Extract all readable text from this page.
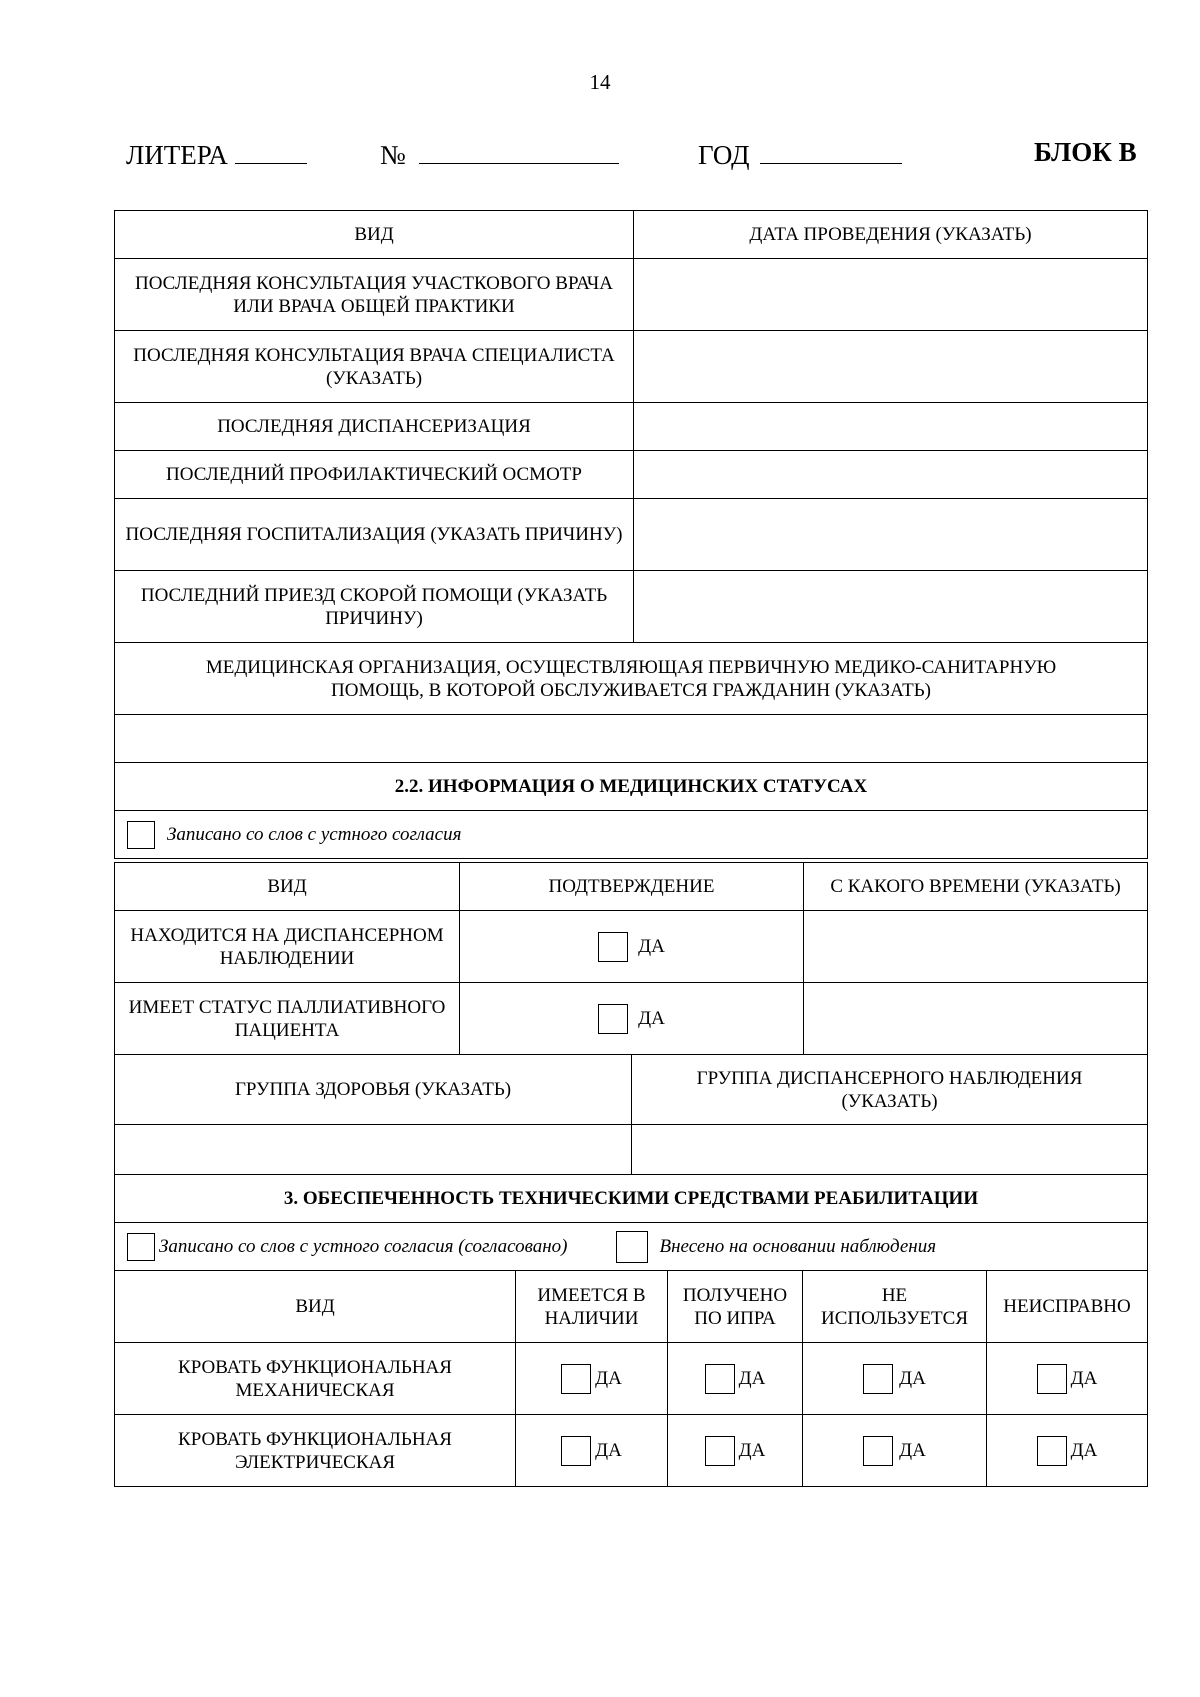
14
ЛИТЕРА	№	ГОД	БЛОК В
ВИД	ДАТА ПРОВЕДЕНИЯ (УКАЗАТЬ)
ПОСЛЕДНЯЯ КОНСУЛЬТАЦИЯ УЧАСТКОВОГО ВРАЧА ИЛИ ВРАЧА ОБЩЕЙ ПРАКТИКИ	
ПОСЛЕДНЯЯ КОНСУЛЬТАЦИЯ ВРАЧА СПЕЦИАЛИСТА (УКАЗАТЬ)	
ПОСЛЕДНЯЯ ДИСПАНСЕРИЗАЦИЯ	
ПОСЛЕДНИЙ ПРОФИЛАКТИЧЕСКИЙ ОСМОТР	
ПОСЛЕДНЯЯ ГОСПИТАЛИЗАЦИЯ (УКАЗАТЬ ПРИЧИНУ)	
ПОСЛЕДНИЙ ПРИЕЗД СКОРОЙ ПОМОЩИ (УКАЗАТЬ ПРИЧИНУ)	
МЕДИЦИНСКАЯ ОРГАНИЗАЦИЯ, ОСУЩЕСТВЛЯЮЩАЯ ПЕРВИЧНУЮ МЕДИКО-САНИТАРНУЮ ПОМОЩЬ, В КОТОРОЙ ОБСЛУЖИВАЕТСЯ ГРАЖДАНИН (УКАЗАТЬ)	

2.2. ИНФОРМАЦИЯ О МЕДИЦИНСКИХ СТАТУСАХ	
Записано со слов с устного согласия	
ВИД	ПОДТВЕРЖДЕНИЕ	С КАКОГО ВРЕМЕНИ (УКАЗАТЬ)
НАХОДИТСЯ НА ДИСПАНСЕРНОМ НАБЛЮДЕНИИ	ДА	
ИМЕЕТ СТАТУС ПАЛЛИАТИВНОГО ПАЦИЕНТА	ДА	
ГРУППА ЗДОРОВЬЯ (УКАЗАТЬ)	ГРУППА ДИСПАНСЕРНОГО НАБЛЮДЕНИЯ (УКАЗАТЬ)

3. ОБЕСПЕЧЕННОСТЬ ТЕХНИЧЕСКИМИ СРЕДСТВАМИ РЕАБИЛИТАЦИИ	
Записано со слов с устного согласия (согласовано) Внесено на основании наблюдения	
ВИД	ИМЕЕТСЯ В НАЛИЧИИ	ПОЛУЧЕНО ПО ИПРА	НЕ ИСПОЛЬЗУЕТСЯ	НЕИСПРАВНО
КРОВАТЬ ФУНКЦИОНАЛЬНАЯ МЕХАНИЧЕСКАЯ	ДА	ДА	ДА	ДА
КРОВАТЬ ФУНКЦИОНАЛЬНАЯ ЭЛЕКТРИЧЕСКАЯ	ДА	ДА	ДА	ДА
